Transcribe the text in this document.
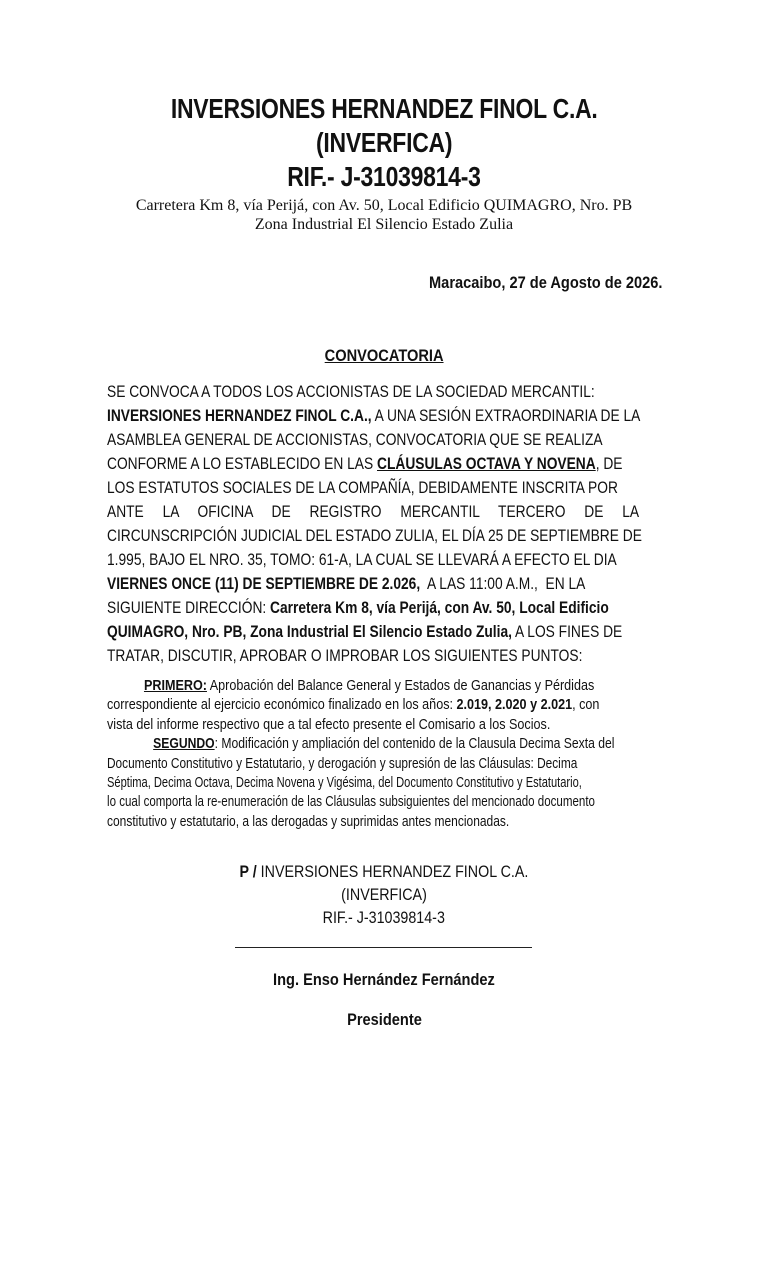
INVERSIONES HERNANDEZ FINOL C.A.
(INVERFICA)
RIF.- J-31039814-3
Carretera Km 8, vía Perijá, con Av. 50, Local Edificio QUIMAGRO, Nro. PB
Zona Industrial El Silencio Estado Zulia
Maracaibo, 27 de Agosto de 2026.
CONVOCATORIA
SE CONVOCA A TODOS LOS ACCIONISTAS DE LA SOCIEDAD MERCANTIL:
INVERSIONES HERNANDEZ FINOL C.A., A UNA SESIÓN EXTRAORDINARIA DE LA
ASAMBLEA GENERAL DE ACCIONISTAS, CONVOCATORIA QUE SE REALIZA
CONFORME A LO ESTABLECIDO EN LAS CLÁUSULAS OCTAVA Y NOVENA, DE
LOS ESTATUTOS SOCIALES DE LA COMPAÑÍA, DEBIDAMENTE INSCRITA POR
ANTE LA OFICINA DE REGISTRO MERCANTIL TERCERO DE LA
CIRCUNSCRIPCIÓN JUDICIAL DEL ESTADO ZULIA, EL DÍA 25 DE SEPTIEMBRE DE
1.995, BAJO EL NRO. 35, TOMO: 61-A, LA CUAL SE LLEVARÁ A EFECTO EL DIA
VIERNES ONCE (11) DE SEPTIEMBRE DE 2.026,  A LAS 11:00 A.M.,  EN LA
SIGUIENTE DIRECCIÓN: Carretera Km 8, vía Perijá, con Av. 50, Local Edificio
QUIMAGRO, Nro. PB, Zona Industrial El Silencio Estado Zulia, A LOS FINES DE
TRATAR, DISCUTIR, APROBAR O IMPROBAR LOS SIGUIENTES PUNTOS:
PRIMERO: Aprobación del Balance General y Estados de Ganancias y Pérdidas
correspondiente al ejercicio económico finalizado en los años: 2.019, 2.020 y 2.021, con
vista del informe respectivo que a tal efecto presente el Comisario a los Socios.
SEGUNDO: Modificación y ampliación del contenido de la Clausula Decima Sexta del
Documento Constitutivo y Estatutario, y derogación y supresión de las Cláusulas: Decima
Séptima, Decima Octava, Decima Novena y Vigésima, del Documento Constitutivo y Estatutario,
lo cual comporta la re-enumeración de las Cláusulas subsiguientes del mencionado documento
constitutivo y estatutario, a las derogadas y suprimidas antes mencionadas.
P / INVERSIONES HERNANDEZ FINOL C.A.
(INVERFICA)
RIF.- J-31039814-3
Ing. Enso Hernández Fernández
Presidente
